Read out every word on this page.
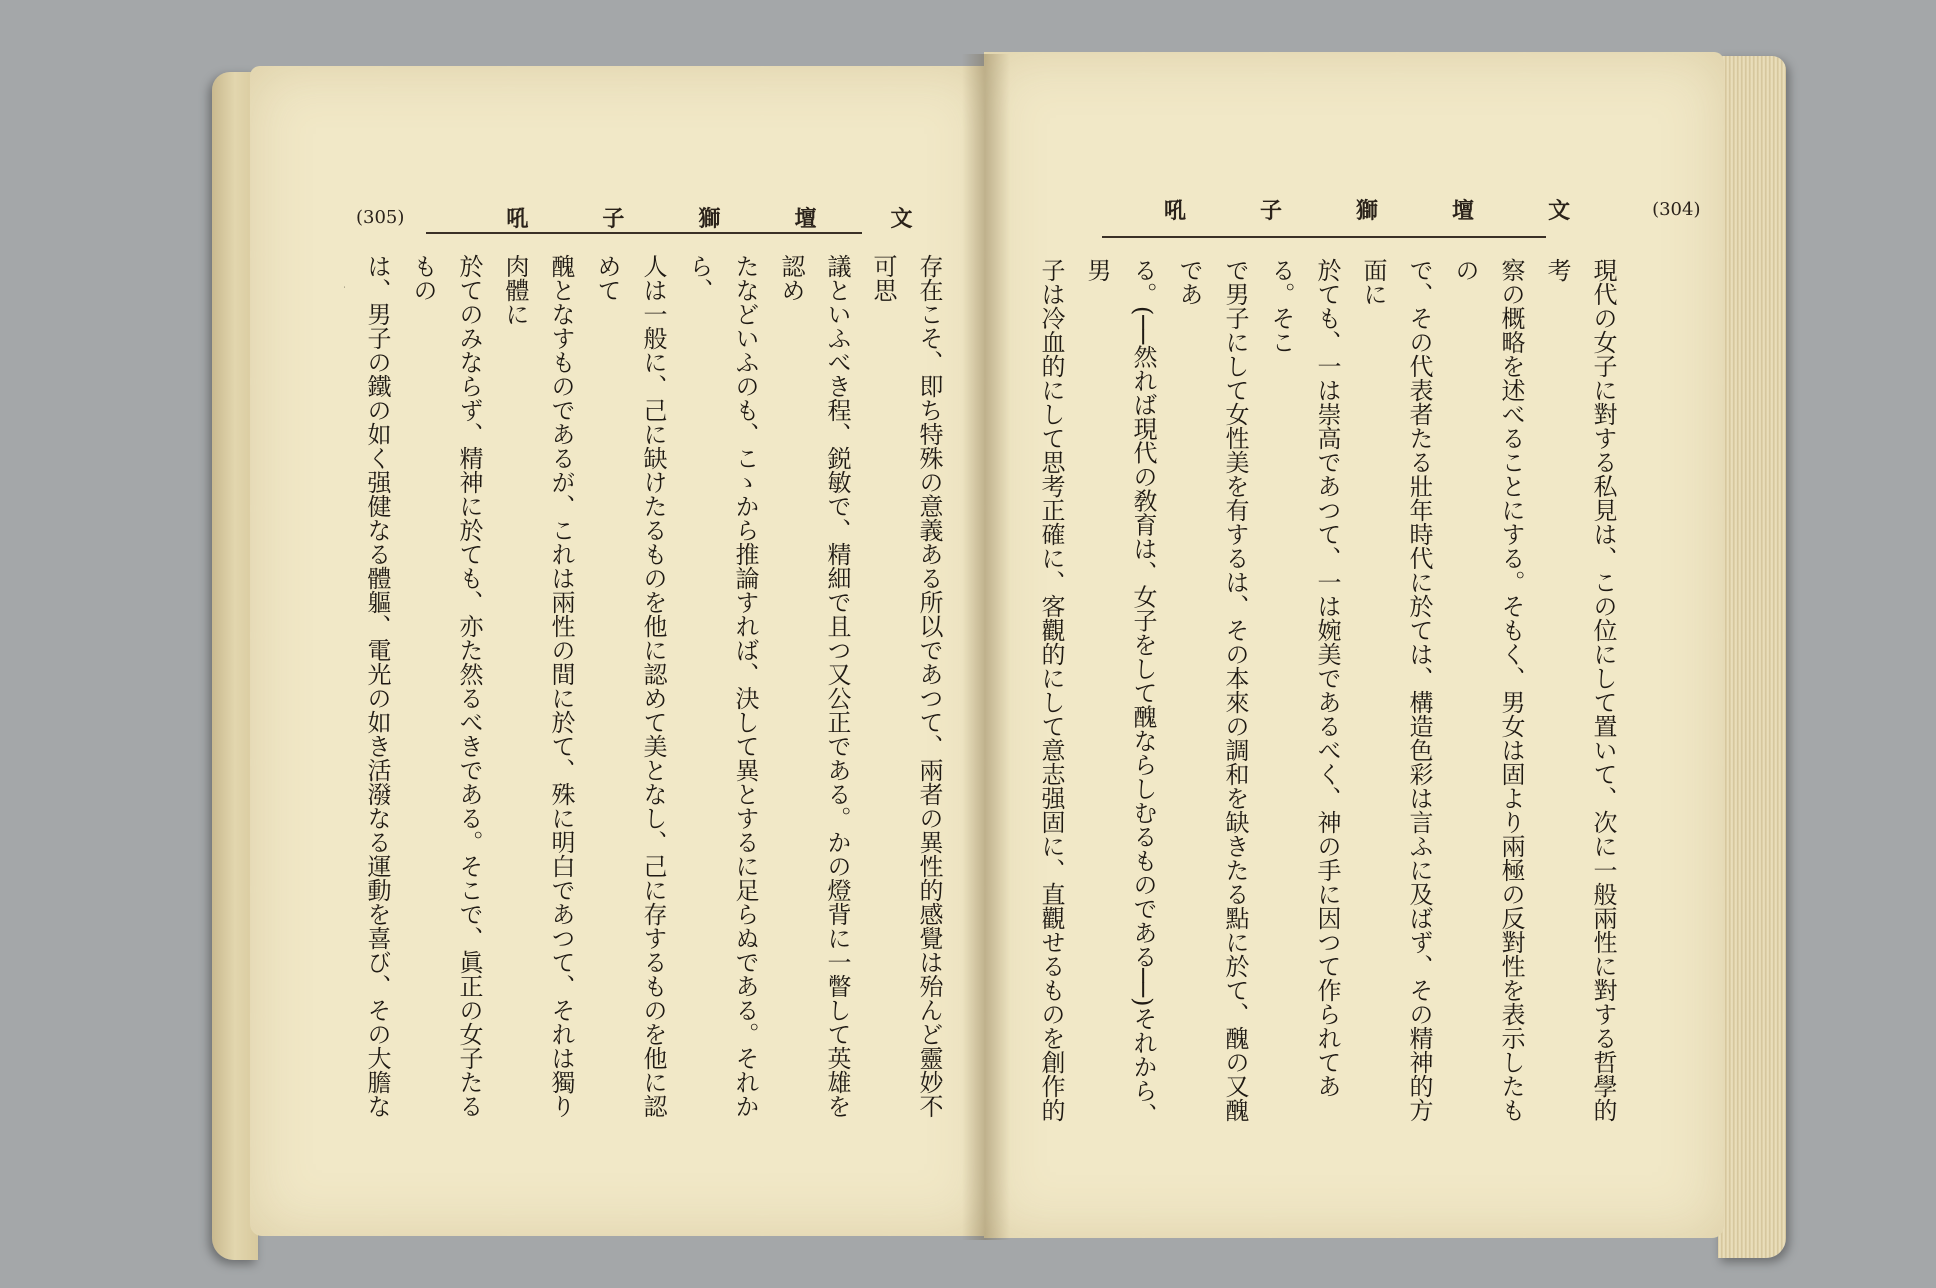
(305)	吼	子	獅	壇	文	吼	子	獅	壇	文	(304)

存在こそ、即ち特殊の意義ある所以であつて、兩者の異性的感覺は殆んど靈妙不可思

議といふべき程、鋭敏で、精細で且つ又公正である。かの燈背に一瞥して英雄を認め

たなどいふのも、こゝから推論すれば、決して異とするに足らぬである。それから、

人は一般に、己に缺けたるものを他に認めて美となし、己に存するものを他に認めて

醜となすものであるが、これは兩性の間に於て、殊に明白であつて、それは獨り肉體に

於てのみならず、精神に於ても、亦た然るべきである。そこで、眞正の女子たるもの

は、男子の鐵の如く强健なる體軀、電光の如き活潑なる運動を喜び、その大膽な	現代の女子に對する私見は、この位にして置いて、次に一般兩性に對する哲學的考

察の概略を述べることにする。そもく、男女は固より兩極の反對性を表示したもの

で、その代表者たる壯年時代に於ては、構造色彩は言ふに及ばず、その精神的方面に

於ても、一は崇高であつて、一は婉美であるべく、神の手に因つて作られてある。そこ

で男子にして女性美を有するは、その本來の調和を缺きたる點に於て、醜の又醜であ

る。(──然れば現代の敎育は、女子をして醜ならしむるものである──)それから、男

子は冷血的にして思考正確に、客觀的にして意志强固に、直觀せるものを創作的
